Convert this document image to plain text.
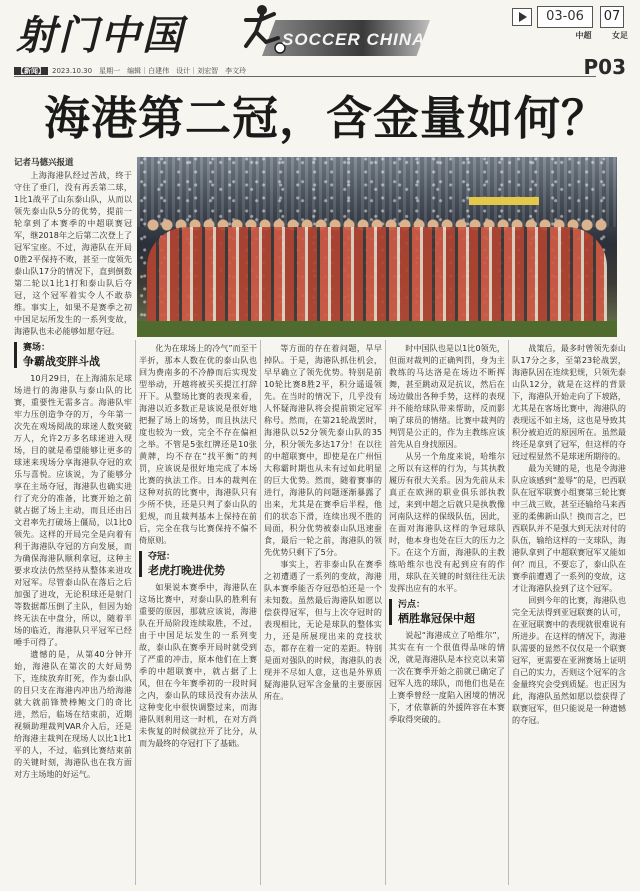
射门中国	SOCCER CHINA
03-06	07
中超	女足
【新闻】 2023.10.30　星期一　编辑｜白建伟　设计｜刘宏智　李文玲	P03
海港第二冠，含金量如何？

记者马德兴报道

上海海港队经过苦战，终于守住了垂门，没有再丢第二球，1比1战平了山东泰山队，从而以领先泰山队5分的优势，提前一轮拿到了本赛季的中超联赛冠军，继2018年之后第二次登上了冠军宝座。不过，海港队在开局0胜2平保持不败，甚至一度领先泰山队17分的情况下，直到倒数第二轮以1比1打和泰山队后夺冠，这个冠军着实令人不敢恭维。事实上，如果不是赛季之初中国足坛所发生的一系列变故，海港队也未必能够如愿夺冠。

赛场：
争霸战变胖斗战

10月29日，在上海浦东足球场进行的海港队与泰山队的比赛，重要性无需多言。海港队牢牢力压创造争夺的万，今年第一次先在观场阅战的球迷人数突破万人，允许2万多名球迷进入现场，目的就是希望能够让更多的球迷来现场分享海港队夺冠的欢乐与喜悦。应该说，为了能够分享在主场夺冠，海港队也确实进行了充分的准备，比赛开始之前就占据了场上主动，而且还由吕文君率先打破场上僵局，以1比0领先。这样的开局完全是向着有利于海港队夺冠的方向发展，而为确保海港队顺利拿冠，这种主要求攻法仍然坚持从整体来进攻对冠军。尽管泰山队在落后之后加强了进攻，无论积球还是射门等数据都压倒了主队，但因为始终无法在中盘分，所以，随着半场的临近，海港队只平冠军已经唾手可得了。

遗憾的是，从第40分钟开始，海港队在第次的大好局势下，连续放弃盯死，作为泰山队的目只支在海港内冲出乃给海港就大就前锋赞棒鲍文门的奇比进，然后，临场在结束前，近期视频助理裁判VAR介入后，还是给海港主裁判在现场人以比1比1平的人，不过，临到比赛结束前的关键时刻，海港队也在我方面对方主场地的好运气。

化为在球场上的冷气”而至干半折，那本人数在优的泰山队也回为费南多的不冷静而后实现发型举动，开越将被买买提江打辞开下。从整场比赛的表现来看，海港以近多数正是该说是很好地把握了场上的场势，而且执法尺度也较为一致，完全不存在偏袒之举。不管是5张红牌还是10张黄牌，均不存在“找平衡”的判罚，应该说是很好地完成了本场比赛的执法工作。日本的裁判在这种对抗的比赛中，海港队只有少所不快，还是只判了泰山队的犯规，而且裁判基本上保持在前后，完全在我与比赛保持不偏不倚原则。

夺冠：
老虎打晚进优势

如果说本赛季中，海港队在这场比赛中，对泰山队的胜利有重要的原因，那就应该说，海港队在开局阶段连续取胜，不过，由于中国足坛发生的一系列变故，泰山队在赛季开局时就受到了严重的冲击，原本他们在上赛季的中超联赛中，就占据了上风，但在今年赛季初的一段时间之内，泰山队的球员没有办法从这种变化中很快调整过来，而海港队则利用这一时机，在对方尚未恢复的时候就拉开了比分，从而为最终的夺冠打下了基础。

等方面的存在着问题，旱早掉队。于是，海港队抓住机会，早早确立了领先优势。特别是前10轮比赛8胜2平，积分遥遥领先。在当时的情况下，几乎没有人怀疑海港队将会提前锁定冠军称号。然而，在第21轮战罢时，海港队以52分领先泰山队的35分，积分领先多达17分！在以往的中超联赛中，即使是在广州恒大称霸时期也从未有过如此明显的巨大优势。然而，随着赛事的进行，海港队的问题逐渐暴露了出来，尤其是在赛季后半程，他们的状态下滑，连续出现不胜的局面，积分优势被泰山队迅速蚕食，最后一轮之前，海港队的领先优势只剩下了5分。

事实上，若非泰山队在赛季之初遭遇了一系列的变故，海港队本赛季能否夺冠恐怕还是一个未知数。虽然最后海港队如愿以偿获得冠军，但与上次夺冠时的表现相比，无论是球队的整体实力，还是所展现出来的竞技状态，都存在着一定的差距。特别是面对强队的时候，海港队的表现并不尽如人意，这也是外界质疑海港队冠军含金量的主要原因所在。

时中国队也是以1比0领先，但面对裁判的正确判罚，身为主教练的马达洛是在场边不断挥舞，甚至跳动双足抗议，然后在场边做出各种手势，这样的表现并不能给球队带来帮助，反而影响了球员的情绪。比赛中裁判的判罚是公正的，作为主教练应该首先从自身找原因。

从另一个角度来说，哈维尔之所以有这样的行为，与其执教履历有很大关系。因为先前从未真正在欧洲的职业俱乐部执教过，来到中超之后就只是执教像河南队这样的保级队伍，因此，在面对海港队这样的争冠球队时，他本身也处在巨大的压力之下。在这个方面，海港队的主教练哈维尔也没有起到应有的作用，球队在关键的时刻往往无法发挥出应有的水平。

污点：
栖胜靠冠保中超

说起“海港成立了哈维尔”，其实在有一个很值得品味的情况，就是海港队是本拉克以来第一次在赛季开始之前就已确定了冠军人选的球队，而他们也是在上赛季曾经一度陷入困境的情况下，才依靠新的外援阵容在本赛季取得突破的。

战策后，最多时曾领先泰山队17分之多，至第23轮战罢，海港队因在连续犯规，只领先泰山队12分，就是在这样的背景下，海港队开始走向了下坡路，尤其是在客场比赛中，海港队的表现远不如主场，这也是导致其积分被迫近的原因所在。虽然最终还是拿到了冠军，但这样的夺冠过程显然不是球迷所期待的。

最为关键的是，也是令海港队应该感到“羞辱”的是，巴西联队在冠军联赛小组赛第三轮比赛中三战三败，甚至还输给马来西亚的柔佛新山队！换而言之，巴西联队并不是强大到无法对付的队伍，输给这样的一支球队，海港队拿到了中超联赛冠军又能如何？而且，不要忘了，泰山队在赛季前遭遇了一系列的变故，这才让海港队捡到了这个冠军。

回到今年的比赛，海港队也完全无法得到亚冠联赛的认可，在亚冠联赛中的表现就很难说有所进步。在这样的情况下，海港队需要的显然不仅仅是一个联赛冠军，更需要在亚洲赛场上证明自己的实力，否则这个冠军的含金量终究会受到质疑。也正因为此，海港队虽然如愿以偿获得了联赛冠军，但只能说是一种遗憾的夺冠。
